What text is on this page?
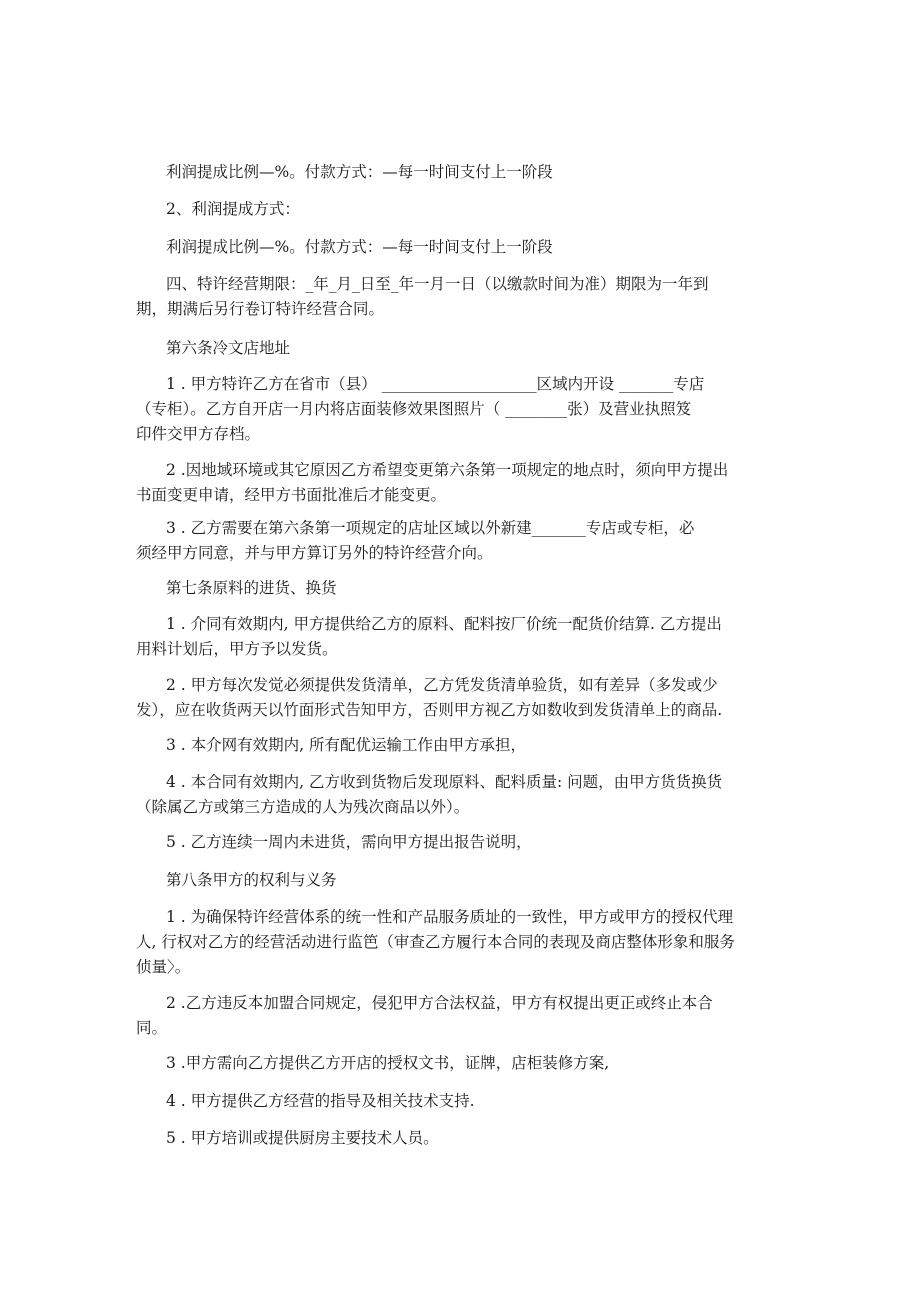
利润提成比例—%。付款方式：—每一时间支付上一阶段
2、利润提成方式：
利润提成比例—%。付款方式：—每一时间支付上一阶段
四、特许经营期限：_年_月_日至_年一月一日（以缴款时间为准）期限为一年到
期，期满后另行卷订特许经营合同。
第六条冷文店地址
1 . 甲方特许乙方在省市（县） ____________________区域内开设 _______专店
（专柜）。乙方自开店一月内将店面装修效果图照片（ ________张）及营业执照笈
印件交甲方存档。
2 .因地域环境或其它原因乙方希望变更第六条第一项规定的地点时，须向甲方提出
书面变更申请，经甲方书面批准后才能变更。
3 . 乙方需要在第六条第一项规定的店址区域以外新建_______专店或专柜，必
须经甲方同意，并与甲方算订另外的特许经营介向。
第七条原料的进货、换货
1 . 介同有效期内, 甲方提供给乙方的原料、配料按厂价统一配货价结算. 乙方提出
用料计划后，甲方予以发货。
2 . 甲方每次发觉必须提供发货清单，乙方凭发货清单验货，如有差异（多发或少
发），应在收货两天以竹面形式告知甲方，否则甲方视乙方如数收到发货清单上的商品.
3 . 本介网有效期内, 所有配优运输工作由甲方承担，
4 . 本合同有效期内, 乙方收到货物后发现原料、配料质量: 问题，由甲方货货换货
（除属乙方或第三方造成的人为残次商品以外）。
5 . 乙方连续一周内未进货，需向甲方提出报告说明，
第八条甲方的权利与义务
1 . 为确保特许经营体系的统一性和产品服务质址的一致性，甲方或甲方的授权代理
人, 行权对乙方的经营活动进行监笆（审查乙方履行本合同的表现及商店整体形象和服务
侦量〉。
2 .乙方违反本加盟合同规定，侵犯甲方合法权益，甲方有权提出更正或终止本合
同。
3 .甲方需向乙方提供乙方开店的授权文书，证牌，店柜装修方案,
4 . 甲方提供乙方经营的指导及相关技术支持.
5 . 甲方培训或提供厨房主要技术人员。
